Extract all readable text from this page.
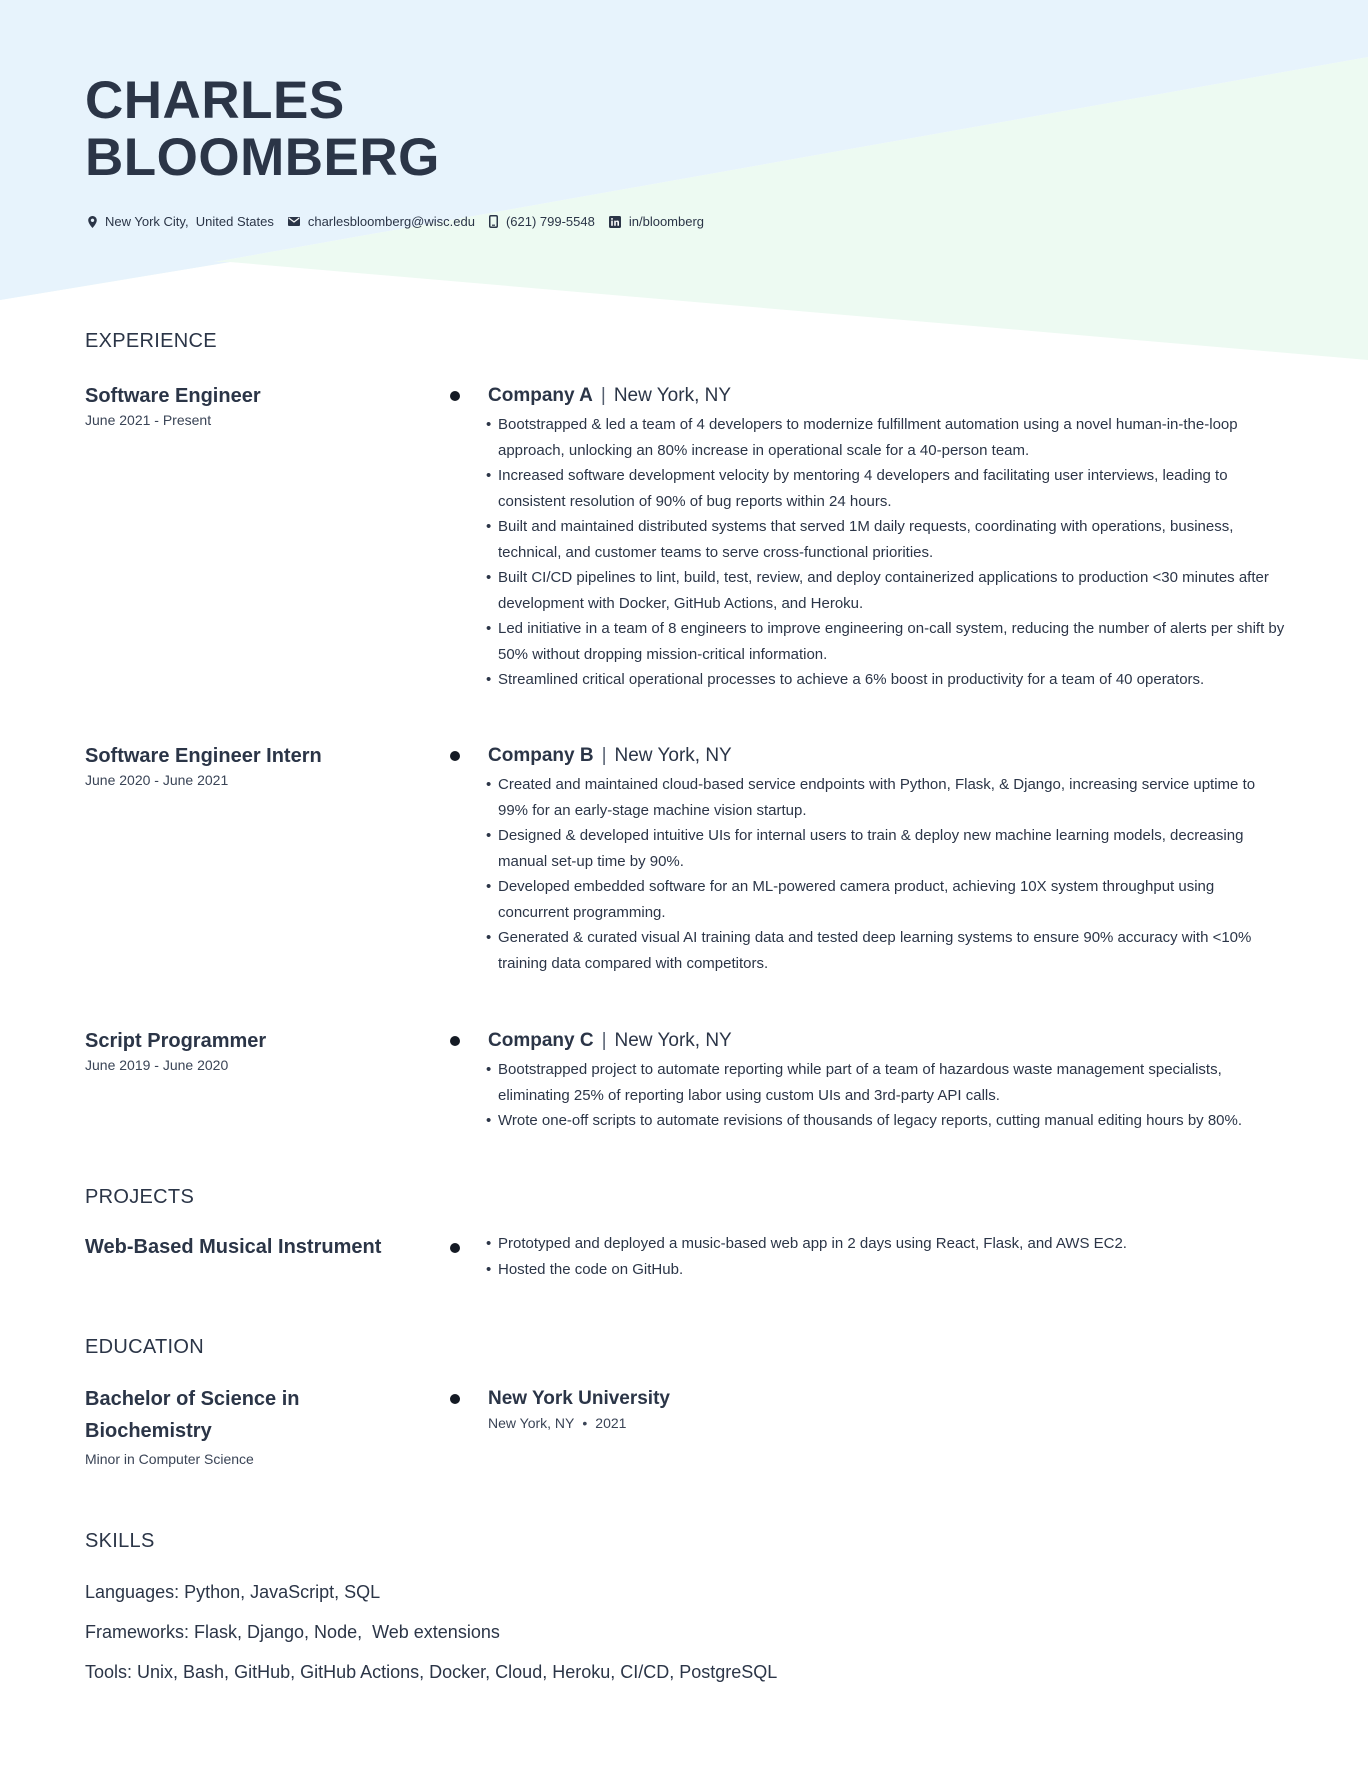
CHARLES
BLOOMBERG
New York City,  United States	charlesbloomberg@wisc.edu (621) 799-5548	in/bloomberg
EXPERIENCE
Software Engineer
June 2021 - Present
Company A | New York, NY
• Bootstrapped & led a team of 4 developers to modernize fulfillment automation using a novel human-in-the-loop approach, unlocking an 80% increase in operational scale for a 40-person team.
• Increased software development velocity by mentoring 4 developers and facilitating user interviews, leading to consistent resolution of 90% of bug reports within 24 hours.
• Built and maintained distributed systems that served 1M daily requests, coordinating with operations, business, technical, and customer teams to serve cross-functional priorities.
• Built CI/CD pipelines to lint, build, test, review, and deploy containerized applications to production <30 minutes after development with Docker, GitHub Actions, and Heroku.
• Led initiative in a team of 8 engineers to improve engineering on-call system, reducing the number of alerts per shift by 50% without dropping mission-critical information.
• Streamlined critical operational processes to achieve a 6% boost in productivity for a team of 40 operators.
Software Engineer Intern
June 2020 - June 2021
Company B | New York, NY
• Created and maintained cloud-based service endpoints with Python, Flask, & Django, increasing service uptime to 99% for an early-stage machine vision startup.
• Designed & developed intuitive UIs for internal users to train & deploy new machine learning models, decreasing manual set-up time by 90%.
• Developed embedded software for an ML-powered camera product, achieving 10X system throughput using concurrent programming.
• Generated & curated visual AI training data and tested deep learning systems to ensure 90% accuracy with <10% training data compared with competitors.
Script Programmer
June 2019 - June 2020
Company C | New York, NY
• Bootstrapped project to automate reporting while part of a team of hazardous waste management specialists, eliminating 25% of reporting labor using custom UIs and 3rd-party API calls.
• Wrote one-off scripts to automate revisions of thousands of legacy reports, cutting manual editing hours by 80%.
PROJECTS
Web-Based Musical Instrument
•	Prototyped and deployed a music-based web app in 2 days using React, Flask, and AWS EC2.
• Hosted the code on GitHub.
EDUCATION
Bachelor of Science in
Biochemistry
Minor in Computer Science
New York University
New York, NY • 2021
SKILLS
Languages: Python, JavaScript, SQL
Frameworks: Flask, Django, Node,  Web extensions
Tools: Unix, Bash, GitHub, GitHub Actions, Docker, Cloud, Heroku, CI/CD, PostgreSQL
